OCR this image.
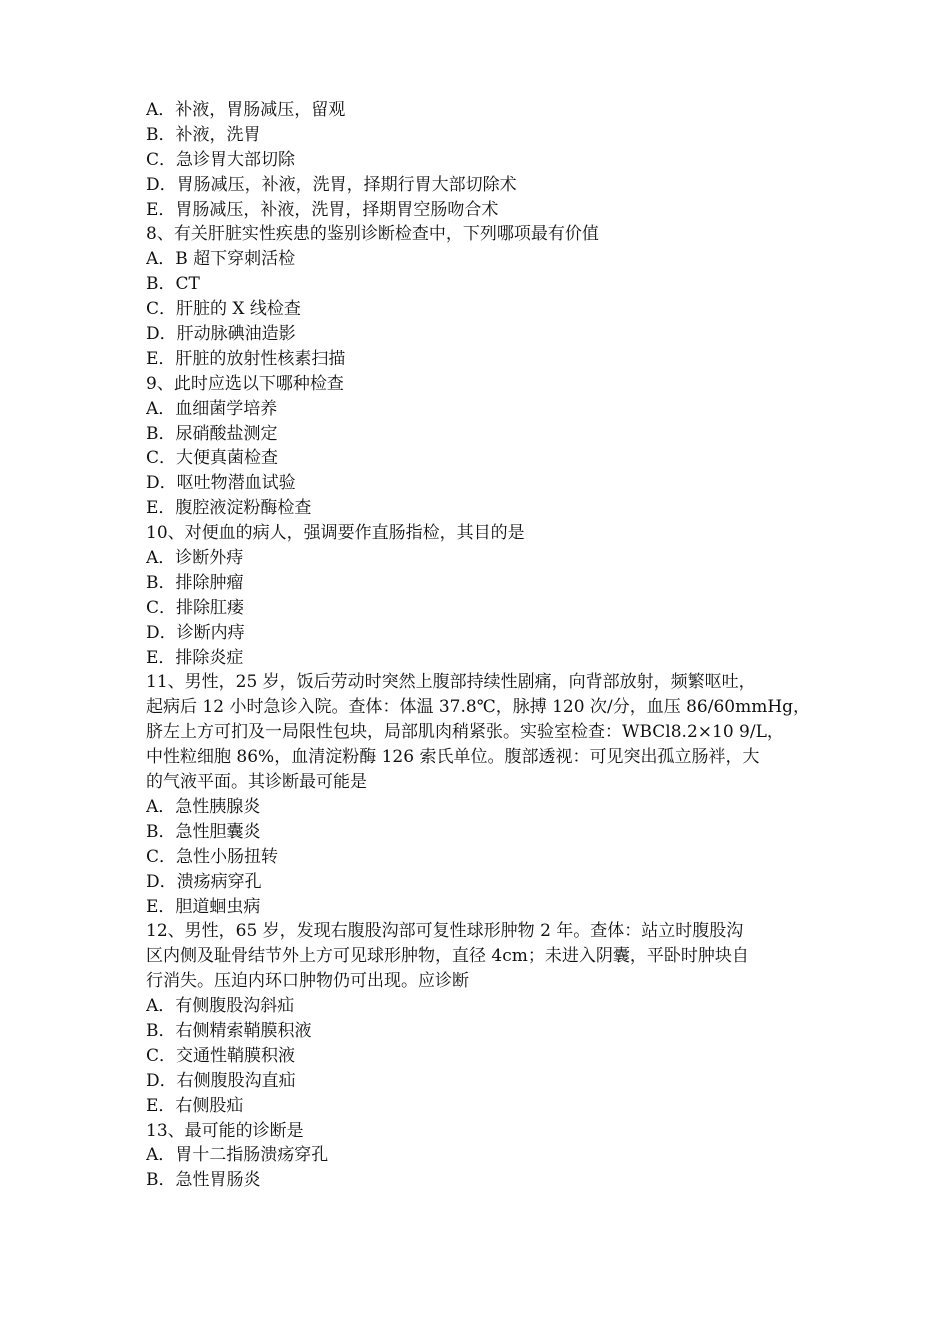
A．补液，胃肠减压，留观
B．补液，洗胃
C．急诊胃大部切除
D．胃肠减压，补液，洗胃，择期行胃大部切除术
E．胃肠减压，补液，洗胃，择期胃空肠吻合术
8、有关肝脏实性疾患的鉴别诊断检查中，下列哪项最有价值
A．B 超下穿刺活检
B．CT
C．肝脏的 X 线检查
D．肝动脉碘油造影
E．肝脏的放射性核素扫描
9、此时应选以下哪种检查
A．血细菌学培养
B．尿硝酸盐测定
C．大便真菌检查
D．呕吐物潜血试验
E．腹腔液淀粉酶检查
10、对便血的病人，强调要作直肠指检，其目的是
A．诊断外痔
B．排除肿瘤
C．排除肛瘘
D．诊断内痔
E．排除炎症
11、男性，25 岁，饭后劳动时突然上腹部持续性剧痛，向背部放射，频繁呕吐，
起病后 12 小时急诊入院。查体：体温 37.8℃，脉搏 120 次/分，血压 86/60mmHg，
脐左上方可扪及一局限性包块，局部肌肉稍紧张。实验室检查：WBCl8.2×10 9/L，
中性粒细胞 86%，血清淀粉酶 126 索氏单位。腹部透视：可见突出孤立肠袢，大
的气液平面。其诊断最可能是
A．急性胰腺炎
B．急性胆囊炎
C．急性小肠扭转
D．溃疡病穿孔
E．胆道蛔虫病
12、男性，65 岁，发现右腹股沟部可复性球形肿物 2 年。查体：站立时腹股沟
区内侧及耻骨结节外上方可见球形肿物，直径 4cm；未进入阴囊，平卧时肿块自
行消失。压迫内环口肿物仍可出现。应诊断
A．有侧腹股沟斜疝
B．右侧精索鞘膜积液
C．交通性鞘膜积液
D．右侧腹股沟直疝
E．右侧股疝
13、最可能的诊断是
A．胃十二指肠溃疡穿孔
B．急性胃肠炎
